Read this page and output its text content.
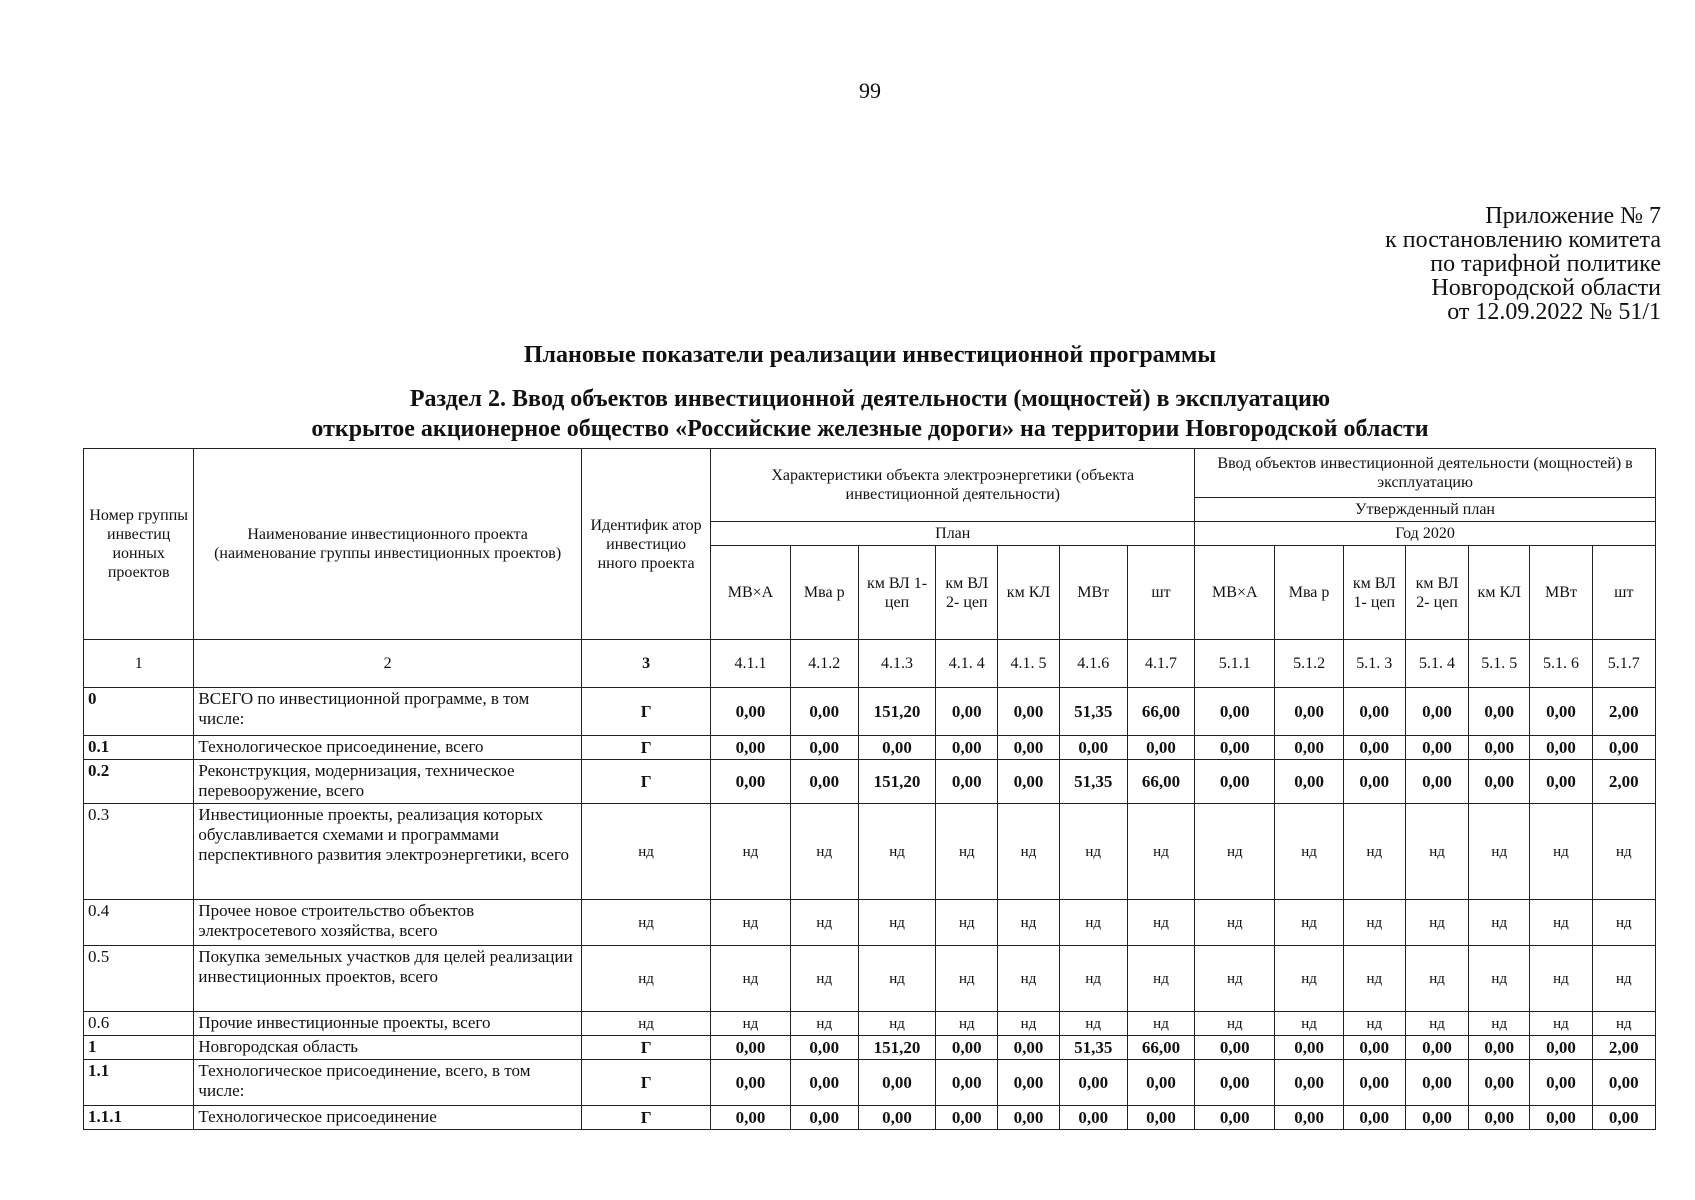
99
Приложение № 7
к постановлению комитета
по тарифной политике
Новгородской области
от 12.09.2022 № 51/1
Плановые показатели реализации инвестиционной программы
Раздел 2. Ввод объектов инвестиционной деятельности (мощностей) в эксплуатацию
открытое акционерное общество «Российские железные дороги» на территории Новгородской области
Номер группы инвестиц ионных проектов	Наименование инвестиционного проекта (наименование группы инвестиционных проектов)	Идентифик атор инвестицио нного проекта	Характеристики объекта электроэнергетики (объекта инвестиционной деятельности)							Ввод объектов инвестиционной деятельности (мощностей) в эксплуатацию						
										Утвержденный план						
			План							Год 2020						
			МВ×А	Мва р	км ВЛ 1-цеп	км ВЛ 2- цеп	км КЛ	МВт	шт	МВ×А	Мва р	км ВЛ 1- цеп	км ВЛ 2- цеп	км КЛ	МВт	шт
1	2	3	4.1.1	4.1.2	4.1.3	4.1. 4	4.1. 5	4.1.6	4.1.7	5.1.1	5.1.2	5.1. 3	5.1. 4	5.1. 5	5.1. 6	5.1.7
0	ВСЕГО по инвестиционной программе, в том числе:	Г	0,00	0,00	151,20	0,00	0,00	51,35	66,00	0,00	0,00	0,00	0,00	0,00	0,00	2,00
0.1	Технологическое присоединение, всего	Г	0,00	0,00	0,00	0,00	0,00	0,00	0,00	0,00	0,00	0,00	0,00	0,00	0,00	0,00
0.2	Реконструкция, модернизация, техническое перевооружение, всего	Г	0,00	0,00	151,20	0,00	0,00	51,35	66,00	0,00	0,00	0,00	0,00	0,00	0,00	2,00
0.3	Инвестиционные проекты, реализация которых обуславливается схемами и программами перспективного развития электроэнергетики, всего	нд	нд	нд	нд	нд	нд	нд	нд	нд	нд	нд	нд	нд	нд	нд
0.4	Прочее новое строительство объектов электросетевого хозяйства, всего	нд	нд	нд	нд	нд	нд	нд	нд	нд	нд	нд	нд	нд	нд	нд
0.5	Покупка земельных участков для целей реализации инвестиционных проектов, всего	нд	нд	нд	нд	нд	нд	нд	нд	нд	нд	нд	нд	нд	нд	нд
0.6	Прочие инвестиционные проекты, всего	нд	нд	нд	нд	нд	нд	нд	нд	нд	нд	нд	нд	нд	нд	нд
1	Новгородская область	Г	0,00	0,00	151,20	0,00	0,00	51,35	66,00	0,00	0,00	0,00	0,00	0,00	0,00	2,00
1.1	Технологическое присоединение, всего, в том числе:	Г	0,00	0,00	0,00	0,00	0,00	0,00	0,00	0,00	0,00	0,00	0,00	0,00	0,00	0,00
1.1.1	Технологическое присоединение	Г	0,00	0,00	0,00	0,00	0,00	0,00	0,00	0,00	0,00	0,00	0,00	0,00	0,00	0,00
